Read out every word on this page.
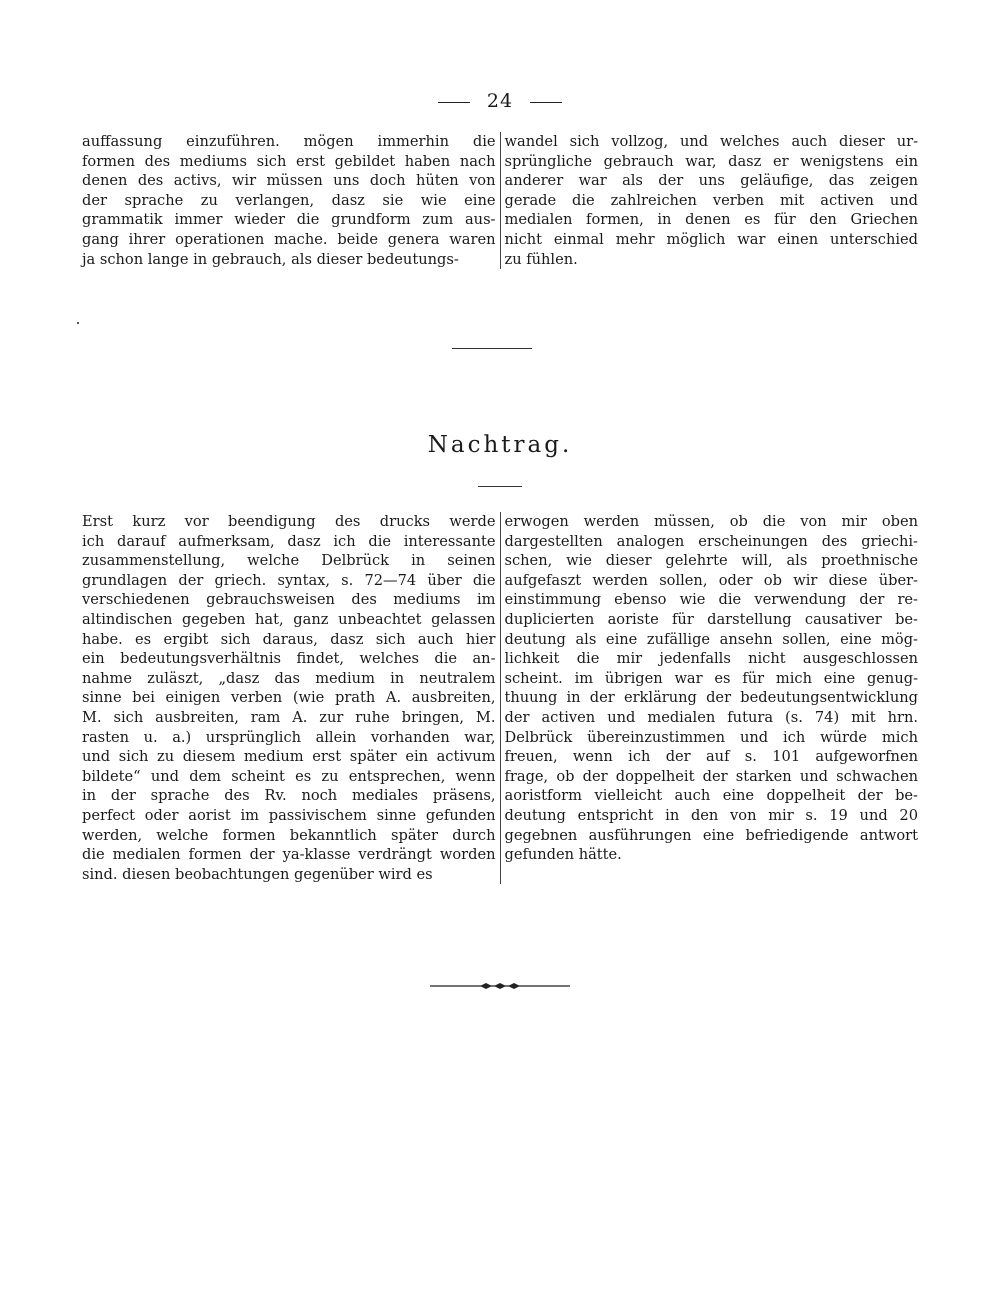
24
auffassung einzuführen. mögen immerhin die
formen des mediums sich erst gebildet haben nach
denen des activs, wir müssen uns doch hüten von
der sprache zu verlangen, dasz sie wie eine
grammatik immer wieder die grundform zum aus-
gang ihrer operationen mache. beide genera waren
ja schon lange in gebrauch, als dieser bedeutungs-
wandel sich vollzog, und welches auch dieser ur-
sprüngliche gebrauch war, dasz er wenigstens ein
anderer war als der uns geläufige, das zeigen
gerade die zahlreichen verben mit activen und
medialen formen, in denen es für den Griechen
nicht einmal mehr möglich war einen unterschied
zu fühlen.
Nachtrag.
Erst kurz vor beendigung des drucks werde
ich darauf aufmerksam, dasz ich die interessante
zusammenstellung, welche Delbrück in seinen
grundlagen der griech. syntax, s. 72—74 über die
verschiedenen gebrauchsweisen des mediums im
altindischen gegeben hat, ganz unbeachtet gelassen
habe. es ergibt sich daraus, dasz sich auch hier
ein bedeutungsverhältnis findet, welches die an-
nahme zuläszt, „dasz das medium in neutralem
sinne bei einigen verben (wie prath A. ausbreiten,
M. sich ausbreiten, ram A. zur ruhe bringen, M.
rasten u. a.) ursprünglich allein vorhanden war,
und sich zu diesem medium erst später ein activum
bildete“ und dem scheint es zu entsprechen, wenn
in der sprache des Rv. noch mediales präsens,
perfect oder aorist im passivischem sinne gefunden
werden, welche formen bekanntlich später durch
die medialen formen der ya-klasse verdrängt worden
sind. diesen beobachtungen gegenüber wird es
erwogen werden müssen, ob die von mir oben
dargestellten analogen erscheinungen des griechi-
schen, wie dieser gelehrte will, als proethnische
aufgefaszt werden sollen, oder ob wir diese über-
einstimmung ebenso wie die verwendung der re-
duplicierten aoriste für darstellung causativer be-
deutung als eine zufällige ansehn sollen, eine mög-
lichkeit die mir jedenfalls nicht ausgeschlossen
scheint. im übrigen war es für mich eine genug-
thuung in der erklärung der bedeutungsentwicklung
der activen und medialen futura (s. 74) mit hrn.
Delbrück übereinzustimmen und ich würde mich
freuen, wenn ich der auf s. 101 aufgeworfnen
frage, ob der doppelheit der starken und schwachen
aoristform vielleicht auch eine doppelheit der be-
deutung entspricht in den von mir s. 19 und 20
gegebnen ausführungen eine befriedigende antwort
gefunden hätte.
